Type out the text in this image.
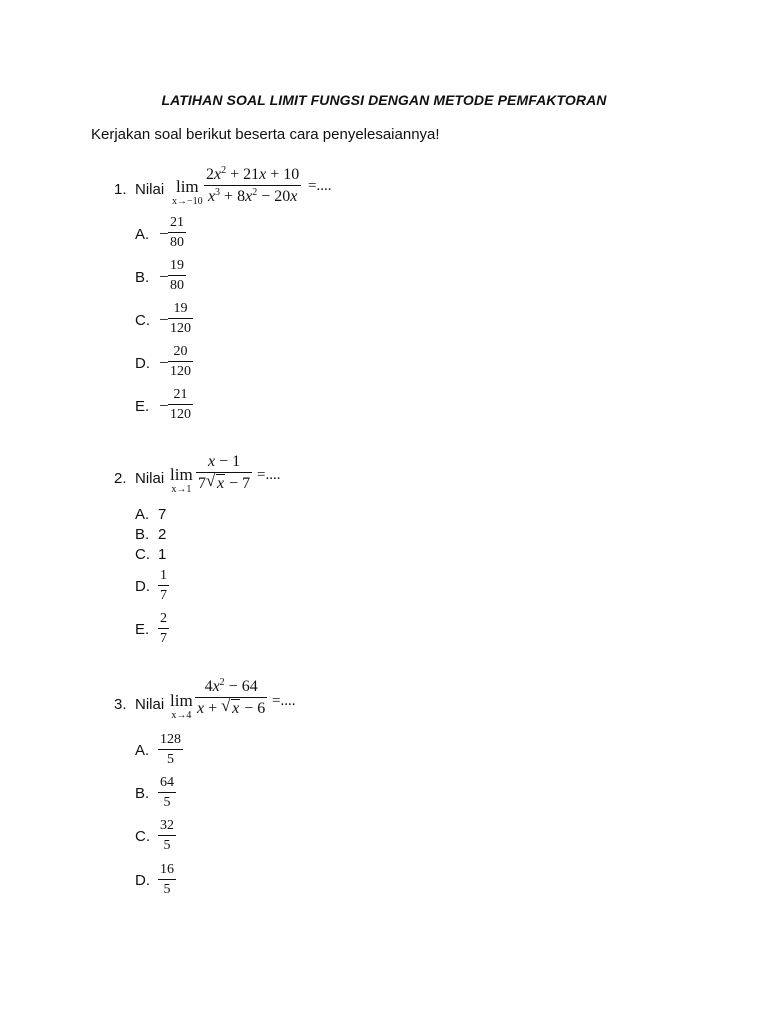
LATIHAN SOAL LIMIT FUNGSI DENGAN METODE PEMFAKTORAN
Kerjakan soal berikut beserta cara penyelesaiannya!
1. Nilai lim
x→−10
$2x^2 + 21x + 10$
$x^3 + 8x^2 - 20x$
=....
A. −
21
80
B. −
19
80
C. −
19
120
D. −
20
120
E. −
21
120
2. Nilai lim
x→1
x − 1
7 √ x − 7 =....
A. 7
B. 2
C. 1
D.
1
7
E.
2
7
3. Nilai lim
x→4
$4x^2 - 64$
x + √ x − 6 =....
A.
128
5
B.
64
5
C.
32
5
D.
16
5
